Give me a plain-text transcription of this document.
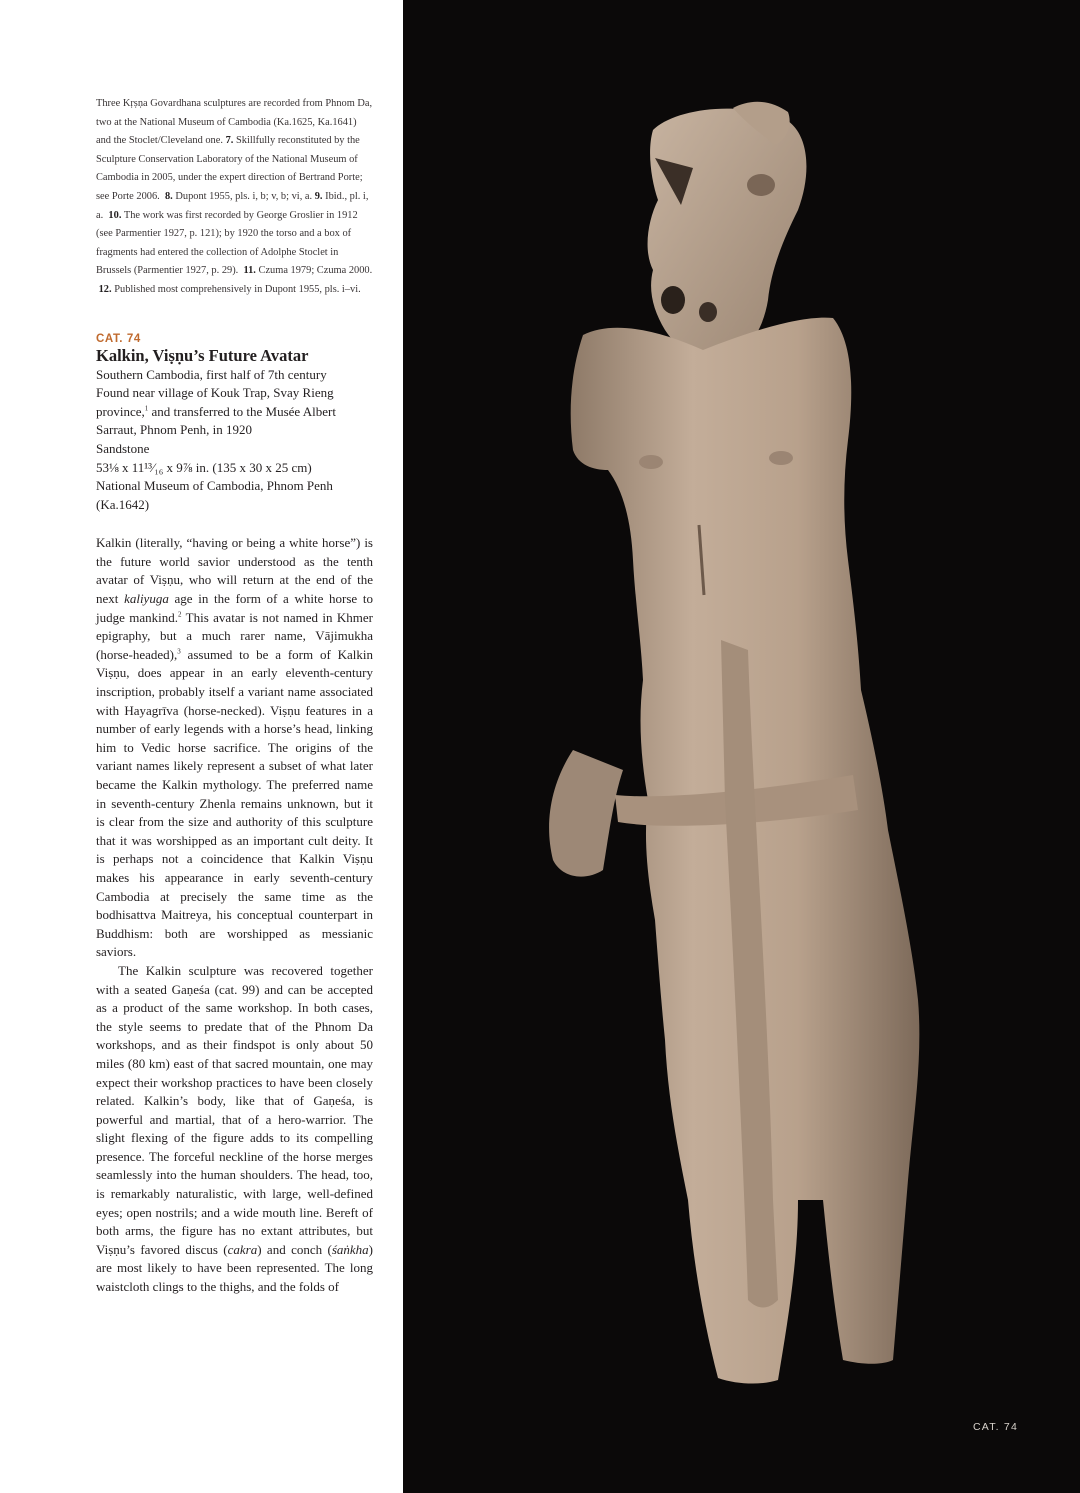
Three Kṛṣṇa Govardhana sculptures are recorded from Phnom Da, two at the National Museum of Cambodia (Ka.1625, Ka.1641) and the Stoclet/Cleveland one. 7. Skillfully reconstituted by the Sculpture Conservation Laboratory of the National Museum of Cambodia in 2005, under the expert direction of Bertrand Porte; see Porte 2006. 8. Dupont 1955, pls. i, b; v, b; vi, a. 9. Ibid., pl. i, a. 10. The work was first recorded by George Groslier in 1912 (see Parmentier 1927, p. 121); by 1920 the torso and a box of fragments had entered the collection of Adolphe Stoclet in Brussels (Parmentier 1927, p. 29). 11. Czuma 1979; Czuma 2000.  12. Published most comprehensively in Dupont 1955, pls. i–vi.

CAT. 74
Kalkin, Viṣṇu’s Future Avatar
Southern Cambodia, first half of 7th century
Found near village of Kouk Trap, Svay Rieng province,$^1$ and transferred to the Musée Albert Sarraut, Phnom Penh, in 1920
Sandstone
53⅛ x 11¹³⁄₁₆ x 9⅞ in. (135 x 30 x 25 cm)
National Museum of Cambodia, Phnom Penh
(Ka.1642)

Kalkin (literally, “having or being a white horse”) is the future world savior understood as the tenth avatar of Viṣṇu, who will return at the end of the next kaliyuga age in the form of a white horse to judge mankind.$^2$ This avatar is not named in Khmer epigraphy, but a much rarer name, Vājimukha (horse-headed),$^3$ assumed to be a form of Kalkin Viṣṇu, does appear in an early eleventh-century inscription, probably itself a variant name associated with Hayagrīva (horse-necked). Viṣṇu features in a number of early legends with a horse’s head, linking him to Vedic horse sacrifice. The origins of the variant names likely represent a subset of what later became the Kalkin mythology. The preferred name in seventh-century Zhenla remains unknown, but it is clear from the size and authority of this sculpture that it was worshipped as an important cult deity. It is perhaps not a coincidence that Kalkin Viṣṇu makes his appearance in early seventh-century Cambodia at precisely the same time as the bodhisattva Maitreya, his conceptual counterpart in Buddhism: both are worshipped as messianic saviors.

The Kalkin sculpture was recovered together with a seated Gaṇeśa (cat. 99) and can be accepted as a product of the same workshop. In both cases, the style seems to predate that of the Phnom Da workshops, and as their findspot is only about 50 miles (80 km) east of that sacred mountain, one may expect their workshop practices to have been closely related. Kalkin’s body, like that of Gaṇeśa, is powerful and martial, that of a hero-warrior. The slight flexing of the figure adds to its compelling presence. The forceful neckline of the horse merges seamlessly into the human shoulders. The head, too, is remarkably naturalistic, with large, well-defined eyes; open nostrils; and a wide mouth line. Bereft of both arms, the figure has no extant attributes, but Viṣṇu’s favored discus (cakra) and conch (śaṅkha) are most likely to have been represented. The long waistcloth clings to the thighs, and the folds of

CAT. 74
